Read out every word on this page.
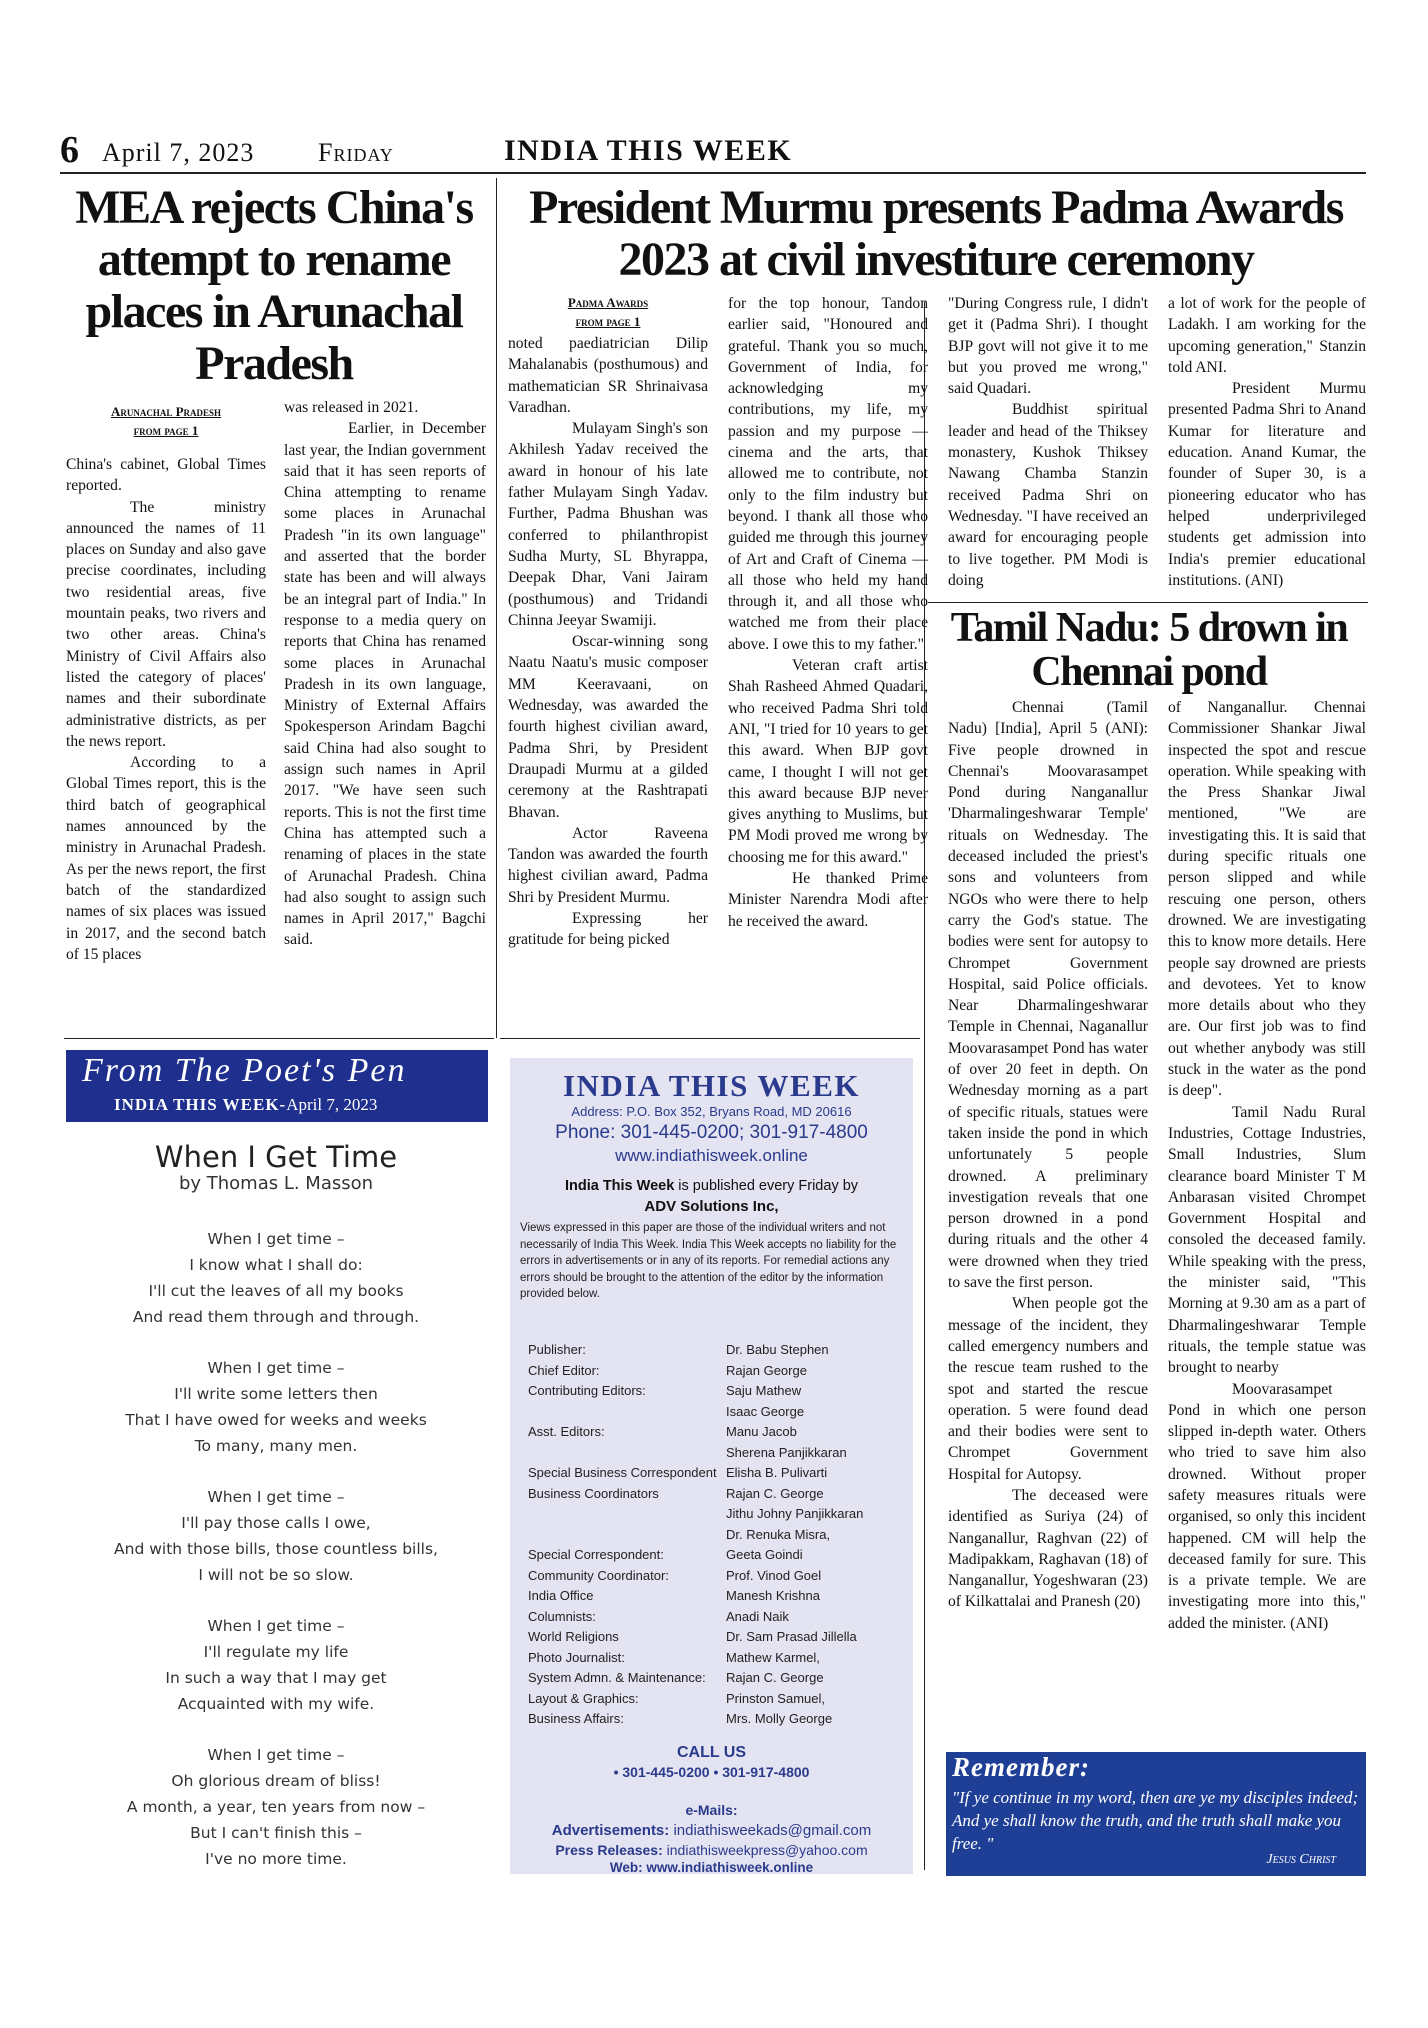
6 April 7, 2023 Friday	INDIA THIS WEEK
MEA rejects China's attempt to rename places in Arunachal Pradesh
Arunachal Pradesh
from page 1

China's cabinet, Global Times reported.

The ministry announced the names of 11 places on Sunday and also gave precise coordinates, including two residential areas, five mountain peaks, two rivers and two other areas. China's Ministry of Civil Affairs also listed the category of places' names and their subordinate administrative districts, as per the news report.

According to a Global Times report, this is the third batch of geographical names announced by the ministry in Arunachal Pradesh. As per the news report, the first batch of the standardized names of six places was issued in 2017, and the second batch of 15 places

was released in 2021.

Earlier, in December last year, the Indian government said that it has seen reports of China attempting to rename some places in Arunachal Pradesh "in its own language" and asserted that the border state has been and will always be an integral part of India." In response to a media query on reports that China has renamed some places in Arunachal Pradesh in its own language, Ministry of External Affairs Spokesperson Arindam Bagchi said China had also sought to assign such names in April 2017. "We have seen such reports. This is not the first time China has attempted such a renaming of places in the state of Arunachal Pradesh. China had also sought to assign such names in April 2017," Bagchi said.

President Murmu presents Padma Awards 2023 at civil investiture ceremony
Padma Awards
from page 1

noted paediatrician Dilip Mahalanabis (posthumous) and mathematician SR Shrinaivasa Varadhan.

Mulayam Singh's son Akhilesh Yadav received the award in honour of his late father Mulayam Singh Yadav. Further, Padma Bhushan was conferred to philanthropist Sudha Murty, SL Bhyrappa, Deepak Dhar, Vani Jairam (posthumous) and Tridandi Chinna Jeeyar Swamiji.

Oscar-winning song Naatu Naatu's music composer MM Keeravaani, on Wednesday, was awarded the fourth highest civilian award, Padma Shri, by President Draupadi Murmu at a gilded ceremony at the Rashtrapati Bhavan.

Actor Raveena Tandon was awarded the fourth highest civilian award, Padma Shri by President Murmu.

Expressing her gratitude for being picked

for the top honour, Tandon earlier said, "Honoured and grateful. Thank you so much, Government of India, for acknowledging my contributions, my life, my passion and my purpose — cinema and the arts, that allowed me to contribute, not only to the film industry but beyond. I thank all those who guided me through this journey of Art and Craft of Cinema — all those who held my hand through it, and all those who watched me from their place above. I owe this to my father."

Veteran craft artist Shah Rasheed Ahmed Quadari, who received Padma Shri told ANI, "I tried for 10 years to get this award. When BJP govt came, I thought I will not get this award because BJP never gives anything to Muslims, but PM Modi proved me wrong by choosing me for this award."

He thanked Prime Minister Narendra Modi after he received the award.

"During Congress rule, I didn't get it (Padma Shri). I thought BJP govt will not give it to me but you proved me wrong," said Quadari.

Buddhist spiritual leader and head of the Thiksey monastery, Kushok Thiksey Nawang Chamba Stanzin received Padma Shri on Wednesday. "I have received an award for encouraging people to live together. PM Modi is doing

a lot of work for the people of Ladakh. I am working for the upcoming generation," Stanzin told ANI.

President Murmu presented Padma Shri to Anand Kumar for literature and education. Anand Kumar, the founder of Super 30, is a pioneering educator who has helped underprivileged students get admission into India's premier educational institutions. (ANI)

Tamil Nadu: 5 drown in Chennai pond

Chennai (Tamil Nadu) [India], April 5 (ANI): Five people drowned in Chennai's Moovarasampet Pond during Nanganallur 'Dharmalingeshwarar Temple' rituals on Wednesday. The deceased included the priest's sons and volunteers from NGOs who were there to help carry the God's statue. The bodies were sent for autopsy to Chrompet Government Hospital, said Police officials. Near Dharmalingeshwarar Temple in Chennai, Naganallur Moovarasampet Pond has water of over 20 feet in depth. On Wednesday morning as a part of specific rituals, statues were taken inside the pond in which unfortunately 5 people drowned. A preliminary investigation reveals that one person drowned in a pond during rituals and the other 4 were drowned when they tried to save the first person.

When people got the message of the incident, they called emergency numbers and the rescue team rushed to the spot and started the rescue operation. 5 were found dead and their bodies were sent to Chrompet Government Hospital for Autopsy.

The deceased were identified as Suriya (24) of Nanganallur, Raghvan (22) of Madipakkam, Raghavan (18) of Nanganallur, Yogeshwaran (23) of Kilkattalai and Pranesh (20)

of Nanganallur. Chennai Commissioner Shankar Jiwal inspected the spot and rescue operation. While speaking with the Press Shankar Jiwal mentioned, "We are investigating this. It is said that during specific rituals one person slipped and while rescuing one person, others drowned. We are investigating this to know more details. Here people say drowned are priests and devotees. Yet to know more details about who they are. Our first job was to find out whether anybody was still stuck in the water as the pond is deep".

Tamil Nadu Rural Industries, Cottage Industries, Small Industries, Slum clearance board Minister T M Anbarasan visited Chrompet Government Hospital and consoled the deceased family. While speaking with the press, the minister said, "This Morning at 9.30 am as a part of Dharmalingeshwarar Temple rituals, the temple statue was brought to nearby

Moovarasampet Pond in which one person slipped in-depth water. Others who tried to save him also drowned. Without proper safety measures rituals were organised, so only this incident happened. CM will help the deceased family for sure. This is a private temple. We are investigating more into this," added the minister. (ANI)

From The Poet's Pen
INDIA THIS WEEK-April 7, 2023
When I Get Time
by Thomas L. Masson
When I get time –
I know what I shall do:
I'll cut the leaves of all my books
And read them through and through.
When I get time –
I'll write some letters then
That I have owed for weeks and weeks
To many, many men.
When I get time –
I'll pay those calls I owe,
And with those bills, those countless bills,
I will not be so slow.
When I get time –
I'll regulate my life
In such a way that I may get
Acquainted with my wife.
When I get time –
Oh glorious dream of bliss!
A month, a year, ten years from now –
But I can't finish this –
I've no more time.
INDIA THIS WEEK
Address: P.O. Box 352, Bryans Road, MD 20616
Phone: 301-445-0200; 301-917-4800
www.indiathisweek.online
India This Week is published every Friday by
ADV Solutions Inc,
Views expressed in this paper are those of the individual writers and not necessarily of India This Week. India This Week accepts no liability for the errors in advertisements or in any of its reports. For remedial actions any errors should be brought to the attention of the editor by the information provided below.
Publisher:	Dr. Babu Stephen
Chief Editor:	Rajan George
Contributing Editors:	Saju Mathew
Isaac George
Asst. Editors:	Manu Jacob
Sherena Panjikkaran
Special Business Correspondent Elisha B. Pulivarti
Business Coordinators	Rajan C. George
Jithu Johny Panjikkaran
Dr. Renuka Misra,
Special Correspondent:	Geeta Goindi
Community Coordinator:	Prof. Vinod Goel
India Office	Manesh Krishna
Columnists:	Anadi Naik
World Religions	Dr. Sam Prasad Jillella
Photo Journalist:	Mathew Karmel,
System Admn. & Maintenance:	Rajan C. George
Layout & Graphics:	Prinston Samuel,
Business Affairs:	Mrs. Molly George
CALL US
• 301-445-0200 • 301-917-4800
e-Mails:
Advertisements: indiathisweekads@gmail.com
Press Releases: indiathisweekpress@yahoo.com
Web: www.indiathisweek.online
Remember:
"If ye continue in my word, then are ye my disciples indeed; And ye shall know the truth, and the truth shall make you free. "
Jesus Christ
